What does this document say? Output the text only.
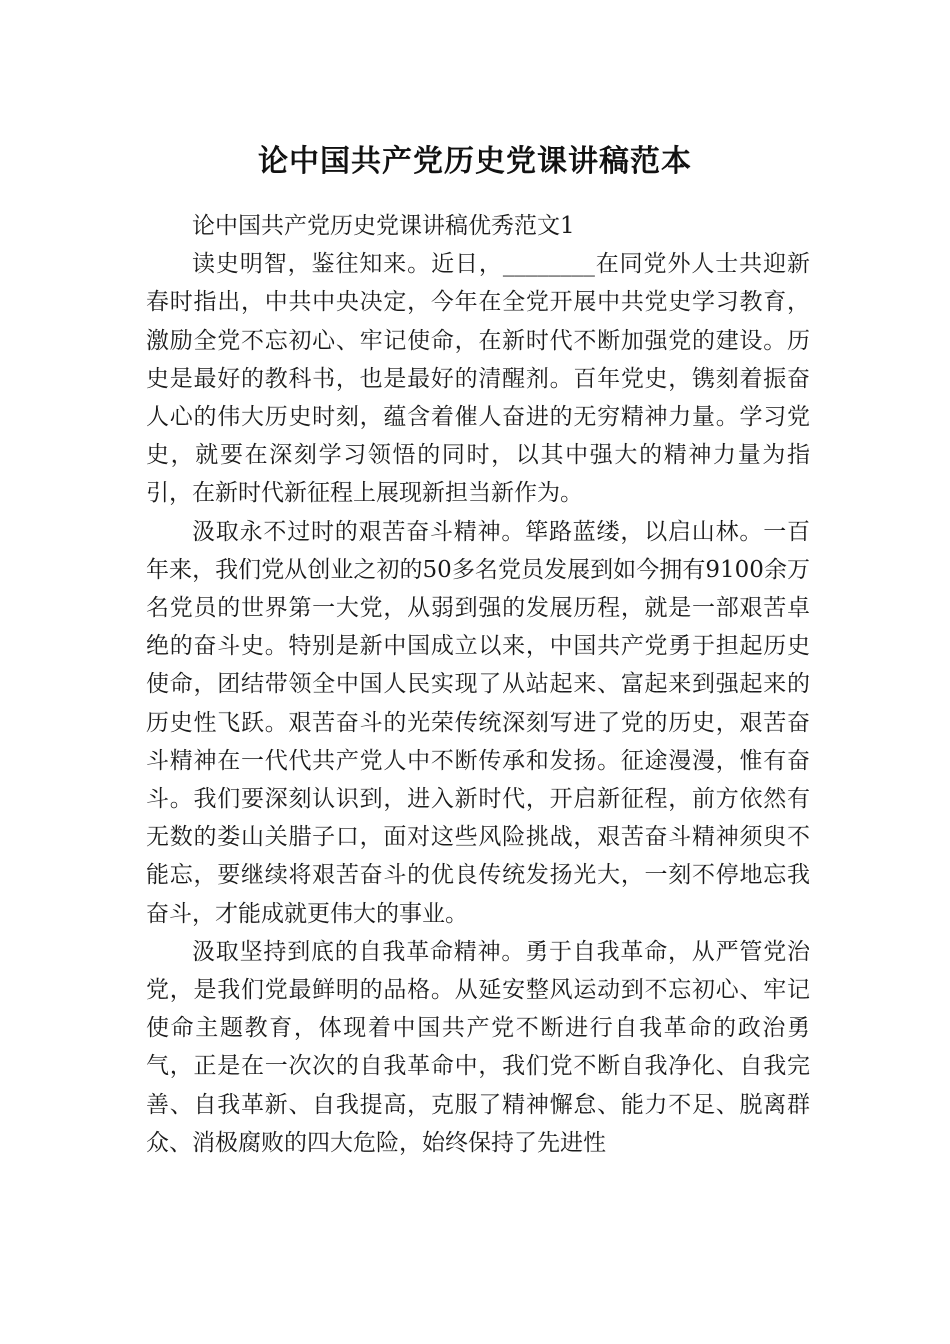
论中国共产党历史党课讲稿范本

论中国共产党历史党课讲稿优秀范文1

读史明智，鉴往知来。近日，________在同党外人士共迎新春时指出，中共中央决定，今年在全党开展中共党史学习教育，激励全党不忘初心、牢记使命，在新时代不断加强党的建设。历史是最好的教科书，也是最好的清醒剂。百年党史，镌刻着振奋人心的伟大历史时刻，蕴含着催人奋进的无穷精神力量。学习党史，就要在深刻学习领悟的同时，以其中强大的精神力量为指引，在新时代新征程上展现新担当新作为。

汲取永不过时的艰苦奋斗精神。筚路蓝缕，以启山林。一百年来，我们党从创业之初的50多名党员发展到如今拥有9100余万名党员的世界第一大党，从弱到强的发展历程，就是一部艰苦卓绝的奋斗史。特别是新中国成立以来，中国共产党勇于担起历史使命，团结带领全中国人民实现了从站起来、富起来到强起来的历史性飞跃。艰苦奋斗的光荣传统深刻写进了党的历史，艰苦奋斗精神在一代代共产党人中不断传承和发扬。征途漫漫，惟有奋斗。我们要深刻认识到，进入新时代，开启新征程，前方依然有无数的娄山关腊子口，面对这些风险挑战，艰苦奋斗精神须臾不能忘，要继续将艰苦奋斗的优良传统发扬光大，一刻不停地忘我奋斗，才能成就更伟大的事业。

汲取坚持到底的自我革命精神。勇于自我革命，从严管党治党，是我们党最鲜明的品格。从延安整风运动到不忘初心、牢记使命主题教育，体现着中国共产党不断进行自我革命的政治勇气，正是在一次次的自我革命中，我们党不断自我净化、自我完善、自我革新、自我提高，克服了精神懈怠、能力不足、脱离群众、消极腐败的四大危险，始终保持了先进性
